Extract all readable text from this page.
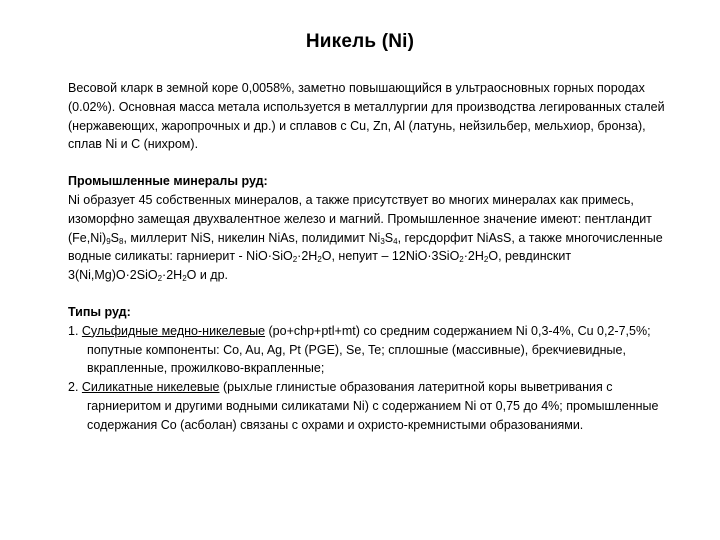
Никель (Ni)

Весовой кларк в земной коре 0,0058%, заметно повышающийся в ультраосновных горных породах (0.02%). Основная масса метала используется в металлургии для производства легированных сталей (нержавеющих, жаропрочных и др.) и сплавов с Cu, Zn, Al (латунь, нейзильбер, мельхиор, бронза), сплав Ni и C (нихром).

Промышленные минералы руд:

Ni образует 45 собственных минералов, а также присутствует во многих минералах как примесь, изоморфно замещая двухвалентное железо и магний. Промышленное значение имеют: пентландит $(Fe,Ni)_9S_8$, миллерит NiS, никелин NiAs, полидимит $Ni_3S_4$, герсдорфит NiAsS, а также многочисленные водные силикаты: гарниерит - $NiO\cdot SiO_2\cdot 2H_2O$, непуит – $12NiO\cdot 3SiO_2\cdot 2H_2O$, ревдинскит $3(Ni,Mg)O\cdot 2SiO_2\cdot 2H_2O$ и др.

Типы руд:

1. Сульфидные медно-никелевые (po+chp+ptl+mt) со средним содержанием Ni 0,3-4%, Cu 0,2-7,5%; попутные компоненты: Co, Au, Ag, Pt (PGE), Se, Te; сплошные (массивные), брекчиевидные, вкрапленные, прожилково-вкрапленные;

2. Силикатные никелевые (рыхлые глинистые образования латеритной коры выветривания с гарниеритом и другими водными силикатами Ni) с содержанием Ni от 0,75 до 4%; промышленные содержания Co (асболан) связаны с охрами и охристо-кремнистыми образованиями.
